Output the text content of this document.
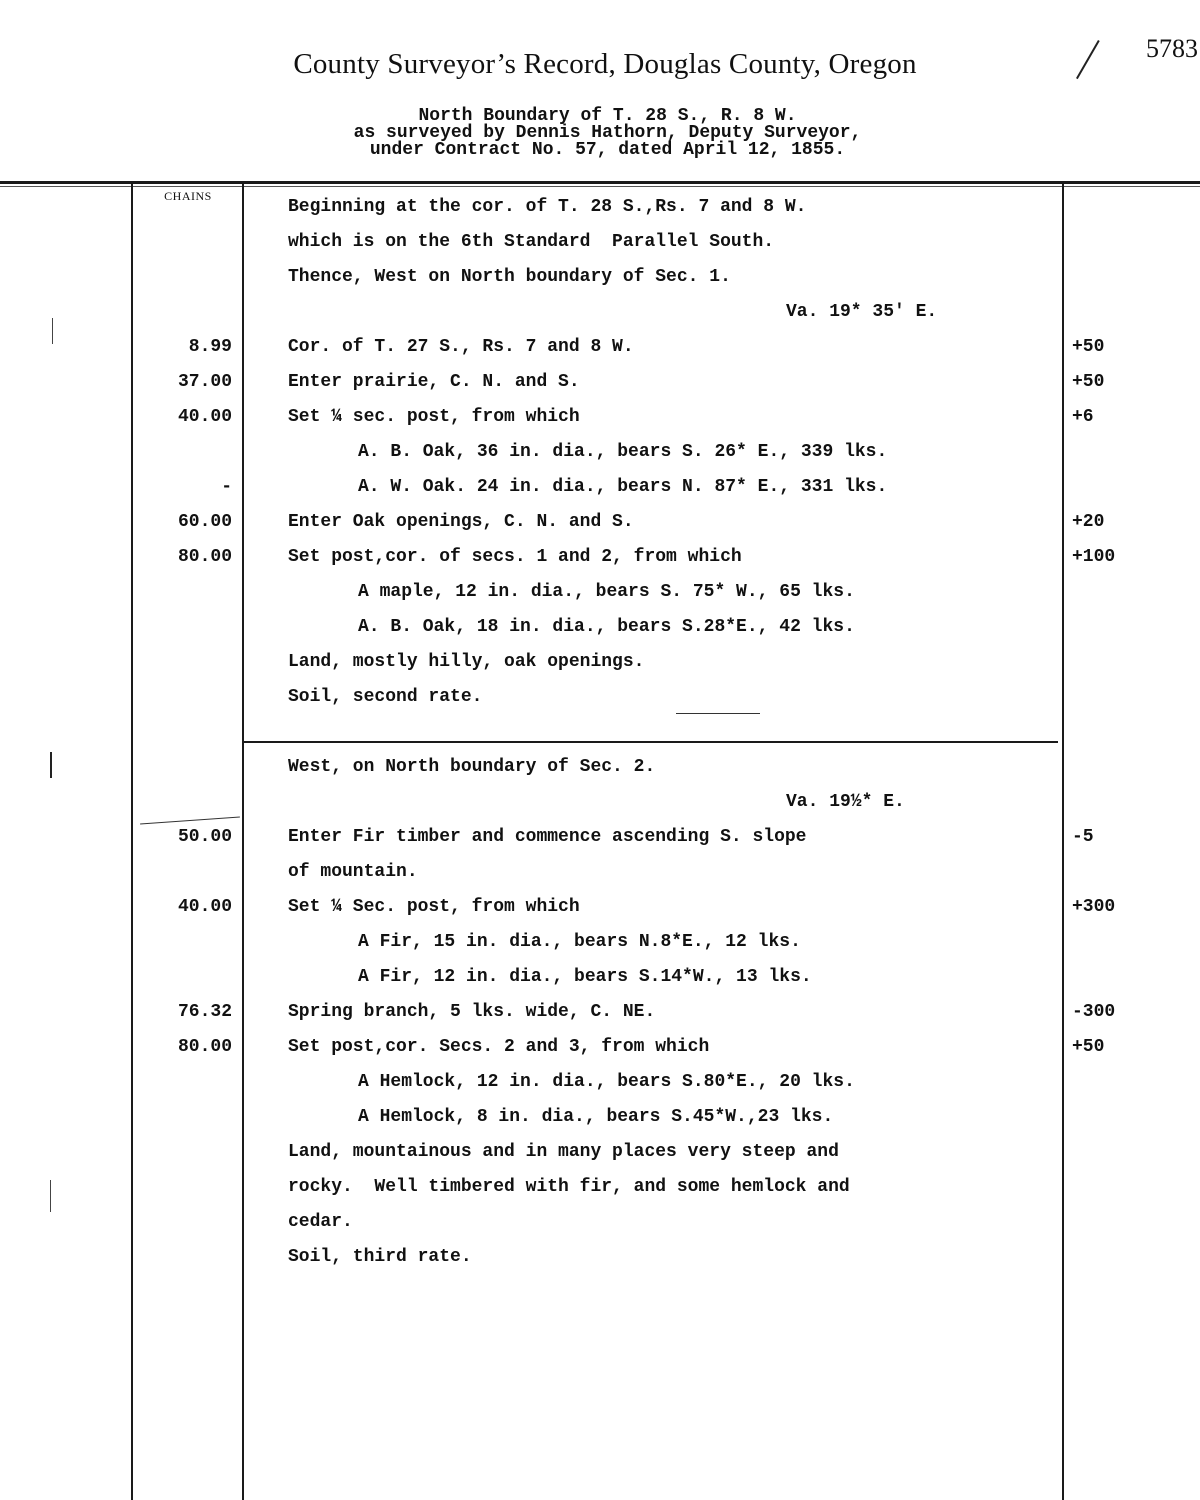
County Surveyor’s Record, Douglas County, Oregon	5783
North Boundary of T. 28 S., R. 8 W.
as surveyed by Dennis Hathorn, Deputy Surveyor,
under Contract No. 57, dated April 12, 1855.
CHAINS
Beginning at the cor. of T. 28 S.,Rs. 7 and 8 W.
which is on the 6th Standard  Parallel South.
Thence, West on North boundary of Sec. 1.
Va. 19* 35' E.
8.99	Cor. of T. 27 S., Rs. 7 and 8 W.	+50
37.00	Enter prairie, C. N. and S.	+50
40.00	Set ¼ sec. post, from which	+6
A. B. Oak, 36 in. dia., bears S. 26* E., 339 lks.
-	A. W. Oak. 24 in. dia., bears N. 87* E., 331 lks.
60.00	Enter Oak openings, C. N. and S.	+20
80.00	Set post,cor. of secs. 1 and 2, from which	+100
A maple, 12 in. dia., bears S. 75* W., 65 lks.
A. B. Oak, 18 in. dia., bears S.28*E., 42 lks.
Land, mostly hilly, oak openings.
Soil, second rate.
West, on North boundary of Sec. 2.
Va. 19½* E.
50.00	Enter Fir timber and commence ascending S. slope	-5
of mountain.
40.00	Set ¼ Sec. post, from which	+300
A Fir, 15 in. dia., bears N.8*E., 12 lks.
A Fir, 12 in. dia., bears S.14*W., 13 lks.
76.32	Spring branch, 5 lks. wide, C. NE.	-300
80.00	Set post,cor. Secs. 2 and 3, from which	+50
A Hemlock, 12 in. dia., bears S.80*E., 20 lks.
A Hemlock, 8 in. dia., bears S.45*W.,23 lks.
Land, mountainous and in many places very steep and
rocky.  Well timbered with fir, and some hemlock and
cedar.
Soil, third rate.
